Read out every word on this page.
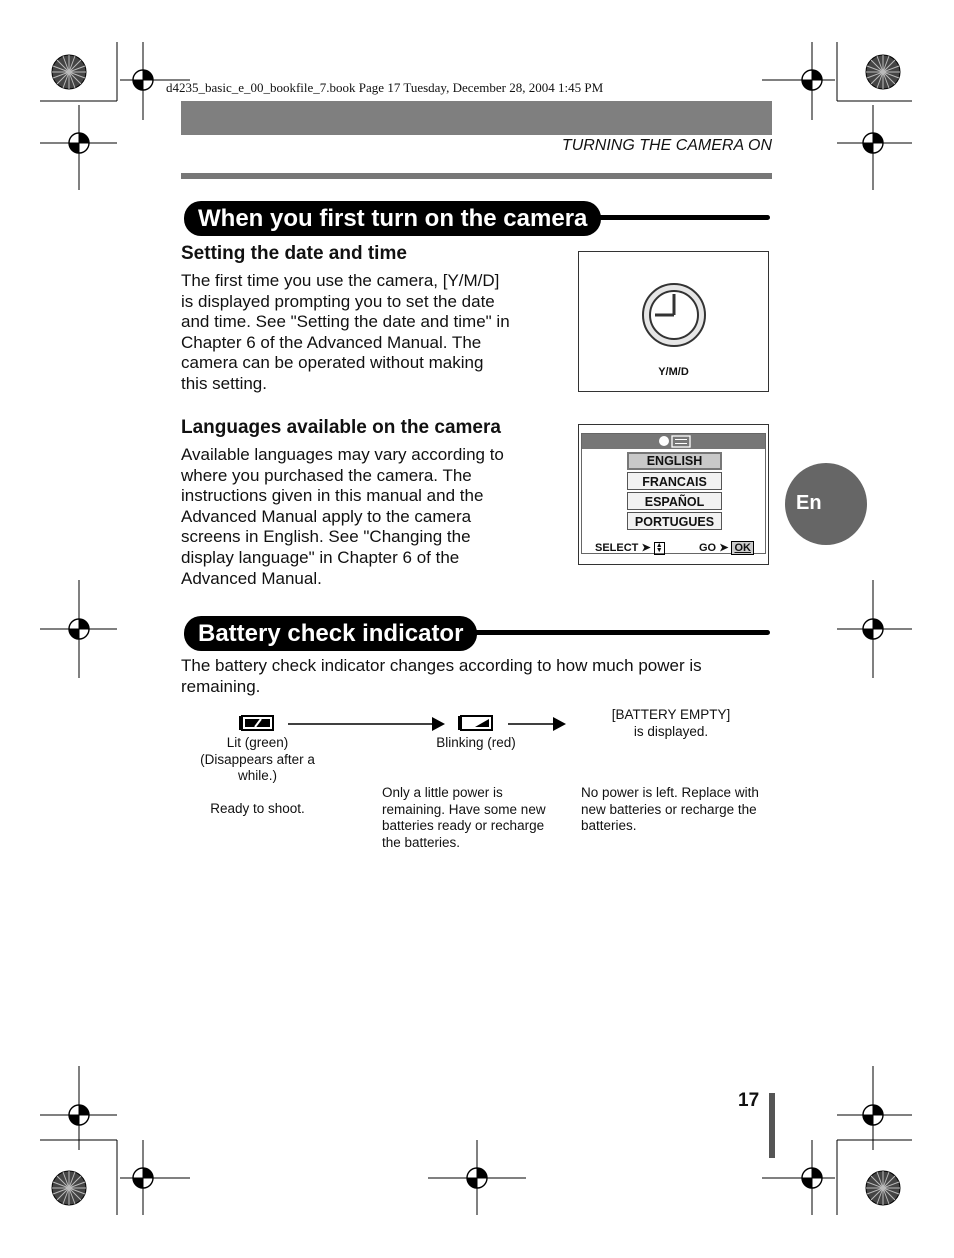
d4235_basic_e_00_bookfile_7.book Page 17 Tuesday, December 28, 2004 1:45 PM
TURNING THE CAMERA ON
When you first turn on the camera
Setting the date and time
The first time you use the camera, [Y/M/D]
is displayed prompting you to set the date
and time. See "Setting the date and time" in
Chapter 6 of the Advanced Manual. The
camera can be operated without making
this setting.
Y/M/D
Languages available on the camera
Available languages may vary according to
where you purchased the camera. The
instructions given in this manual and the
Advanced Manual apply to the camera
screens in English. See "Changing the
display language" in Chapter 6 of the
Advanced Manual.
ENGLISH
FRANCAIS
ESPAÑOL
PORTUGUES
SELECT ➤ ▲
▼	GO ➤ OK
En
Battery check indicator
The battery check indicator changes according to how much power is
remaining.
Lit (green)
(Disappears after a
while.)
Ready to shoot.
Blinking (red)
Only a little power is
remaining. Have some new
batteries ready or recharge
the batteries.
[BATTERY EMPTY]
is displayed.
No power is left. Replace with
new batteries or recharge the
batteries.
17
